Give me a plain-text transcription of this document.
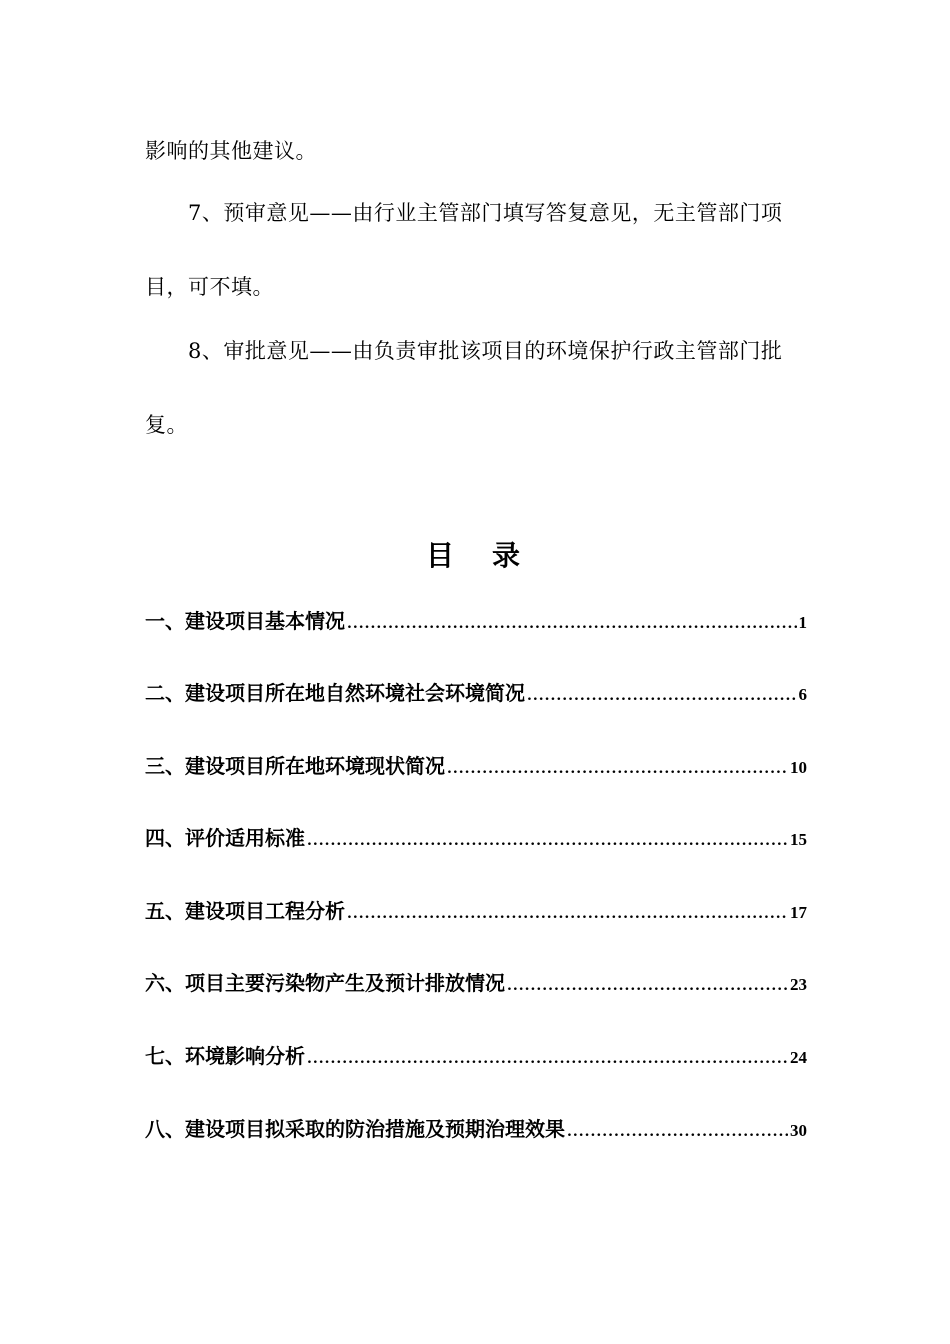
影响的其他建议。
7、预审意见——由行业主管部门填写答复意见，无主管部门项
目，可不填。
8、审批意见——由负责审批该项目的环境保护行政主管部门批
复。
目 录
一、建设项目基本情况 .....	1
二、建设项目所在地自然环境社会环境简况 .....	6
三、建设项目所在地环境现状简况 .....	10
四、评价适用标准 .....	15
五、建设项目工程分析 .....	17
六、项目主要污染物产生及预计排放情况 .....	23
七、环境影响分析 .....	24
八、建设项目拟采取的防治措施及预期治理效果 .....	30
